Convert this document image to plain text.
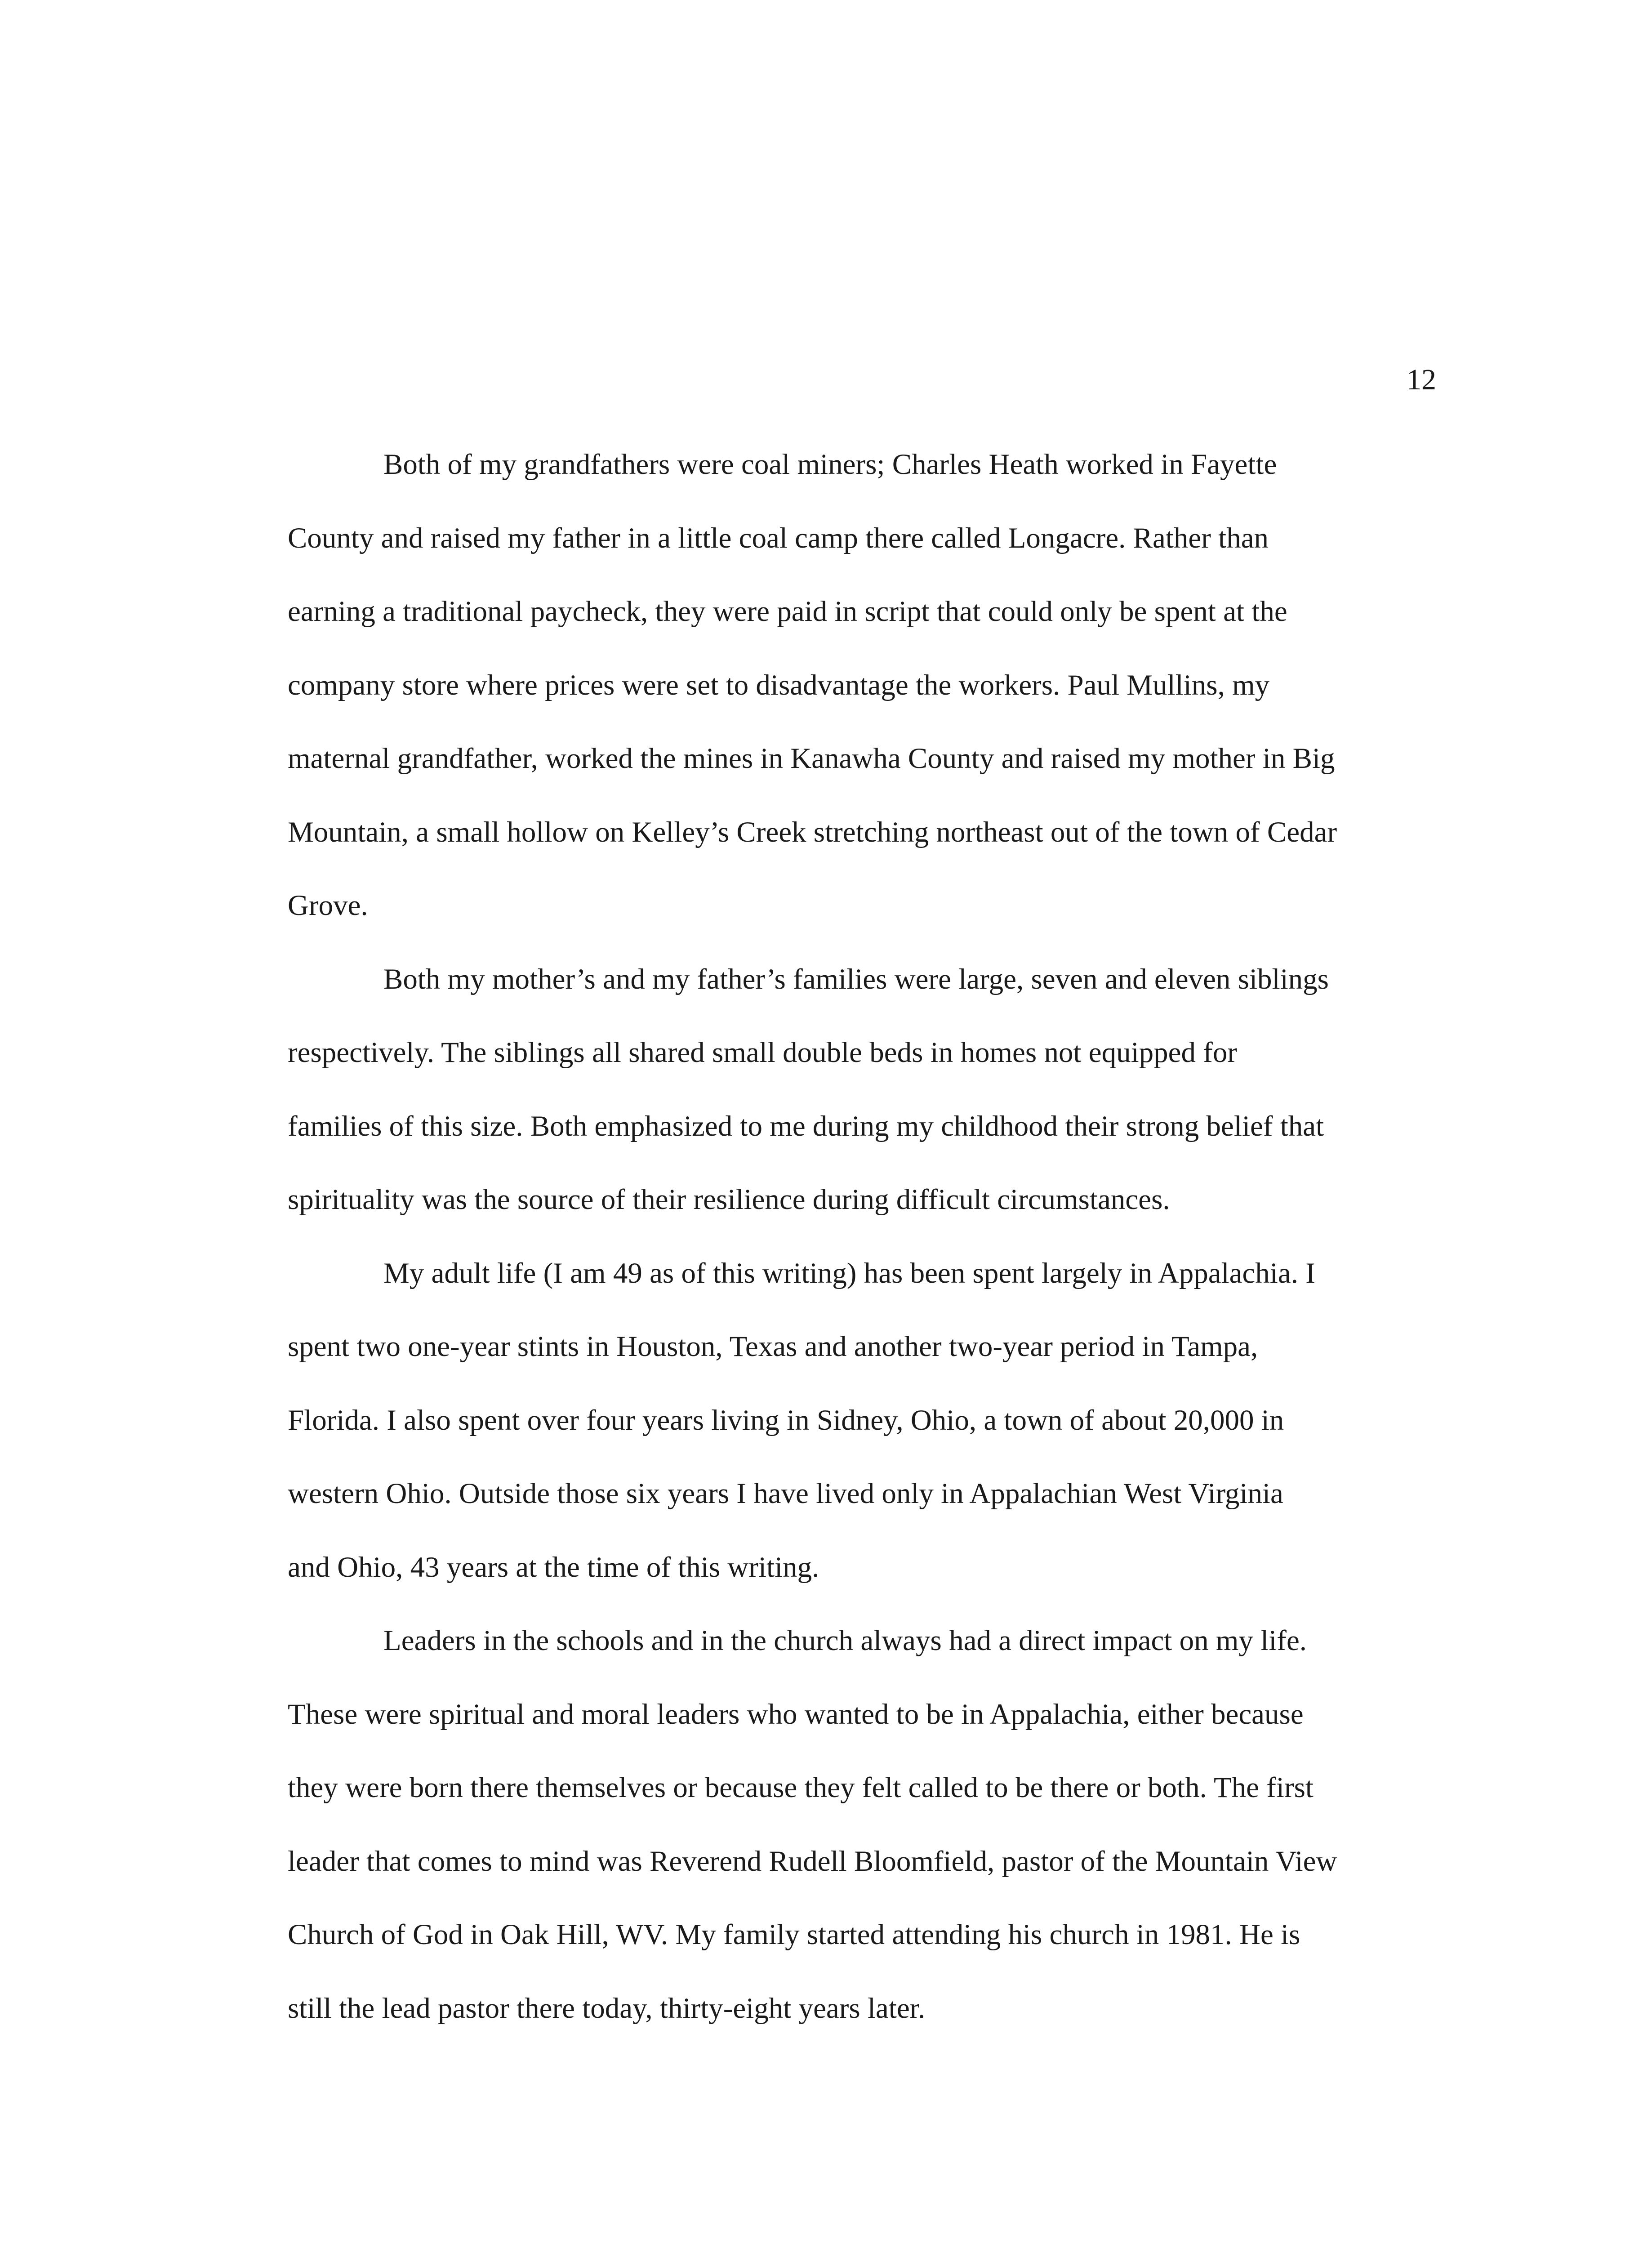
12

Both of my grandfathers were coal miners; Charles Heath worked in Fayette
County and raised my father in a little coal camp there called Longacre. Rather than
earning a traditional paycheck, they were paid in script that could only be spent at the
company store where prices were set to disadvantage the workers. Paul Mullins, my
maternal grandfather, worked the mines in Kanawha County and raised my mother in Big
Mountain, a small hollow on Kelley’s Creek stretching northeast out of the town of Cedar
Grove.

Both my mother’s and my father’s families were large, seven and eleven siblings
respectively. The siblings all shared small double beds in homes not equipped for
families of this size. Both emphasized to me during my childhood their strong belief that
spirituality was the source of their resilience during difficult circumstances.

My adult life (I am 49 as of this writing) has been spent largely in Appalachia. I
spent two one-year stints in Houston, Texas and another two-year period in Tampa,
Florida. I also spent over four years living in Sidney, Ohio, a town of about 20,000 in
western Ohio. Outside those six years I have lived only in Appalachian West Virginia
and Ohio, 43 years at the time of this writing.

Leaders in the schools and in the church always had a direct impact on my life.
These were spiritual and moral leaders who wanted to be in Appalachia, either because
they were born there themselves or because they felt called to be there or both. The first
leader that comes to mind was Reverend Rudell Bloomfield, pastor of the Mountain View
Church of God in Oak Hill, WV. My family started attending his church in 1981. He is
still the lead pastor there today, thirty-eight years later.
